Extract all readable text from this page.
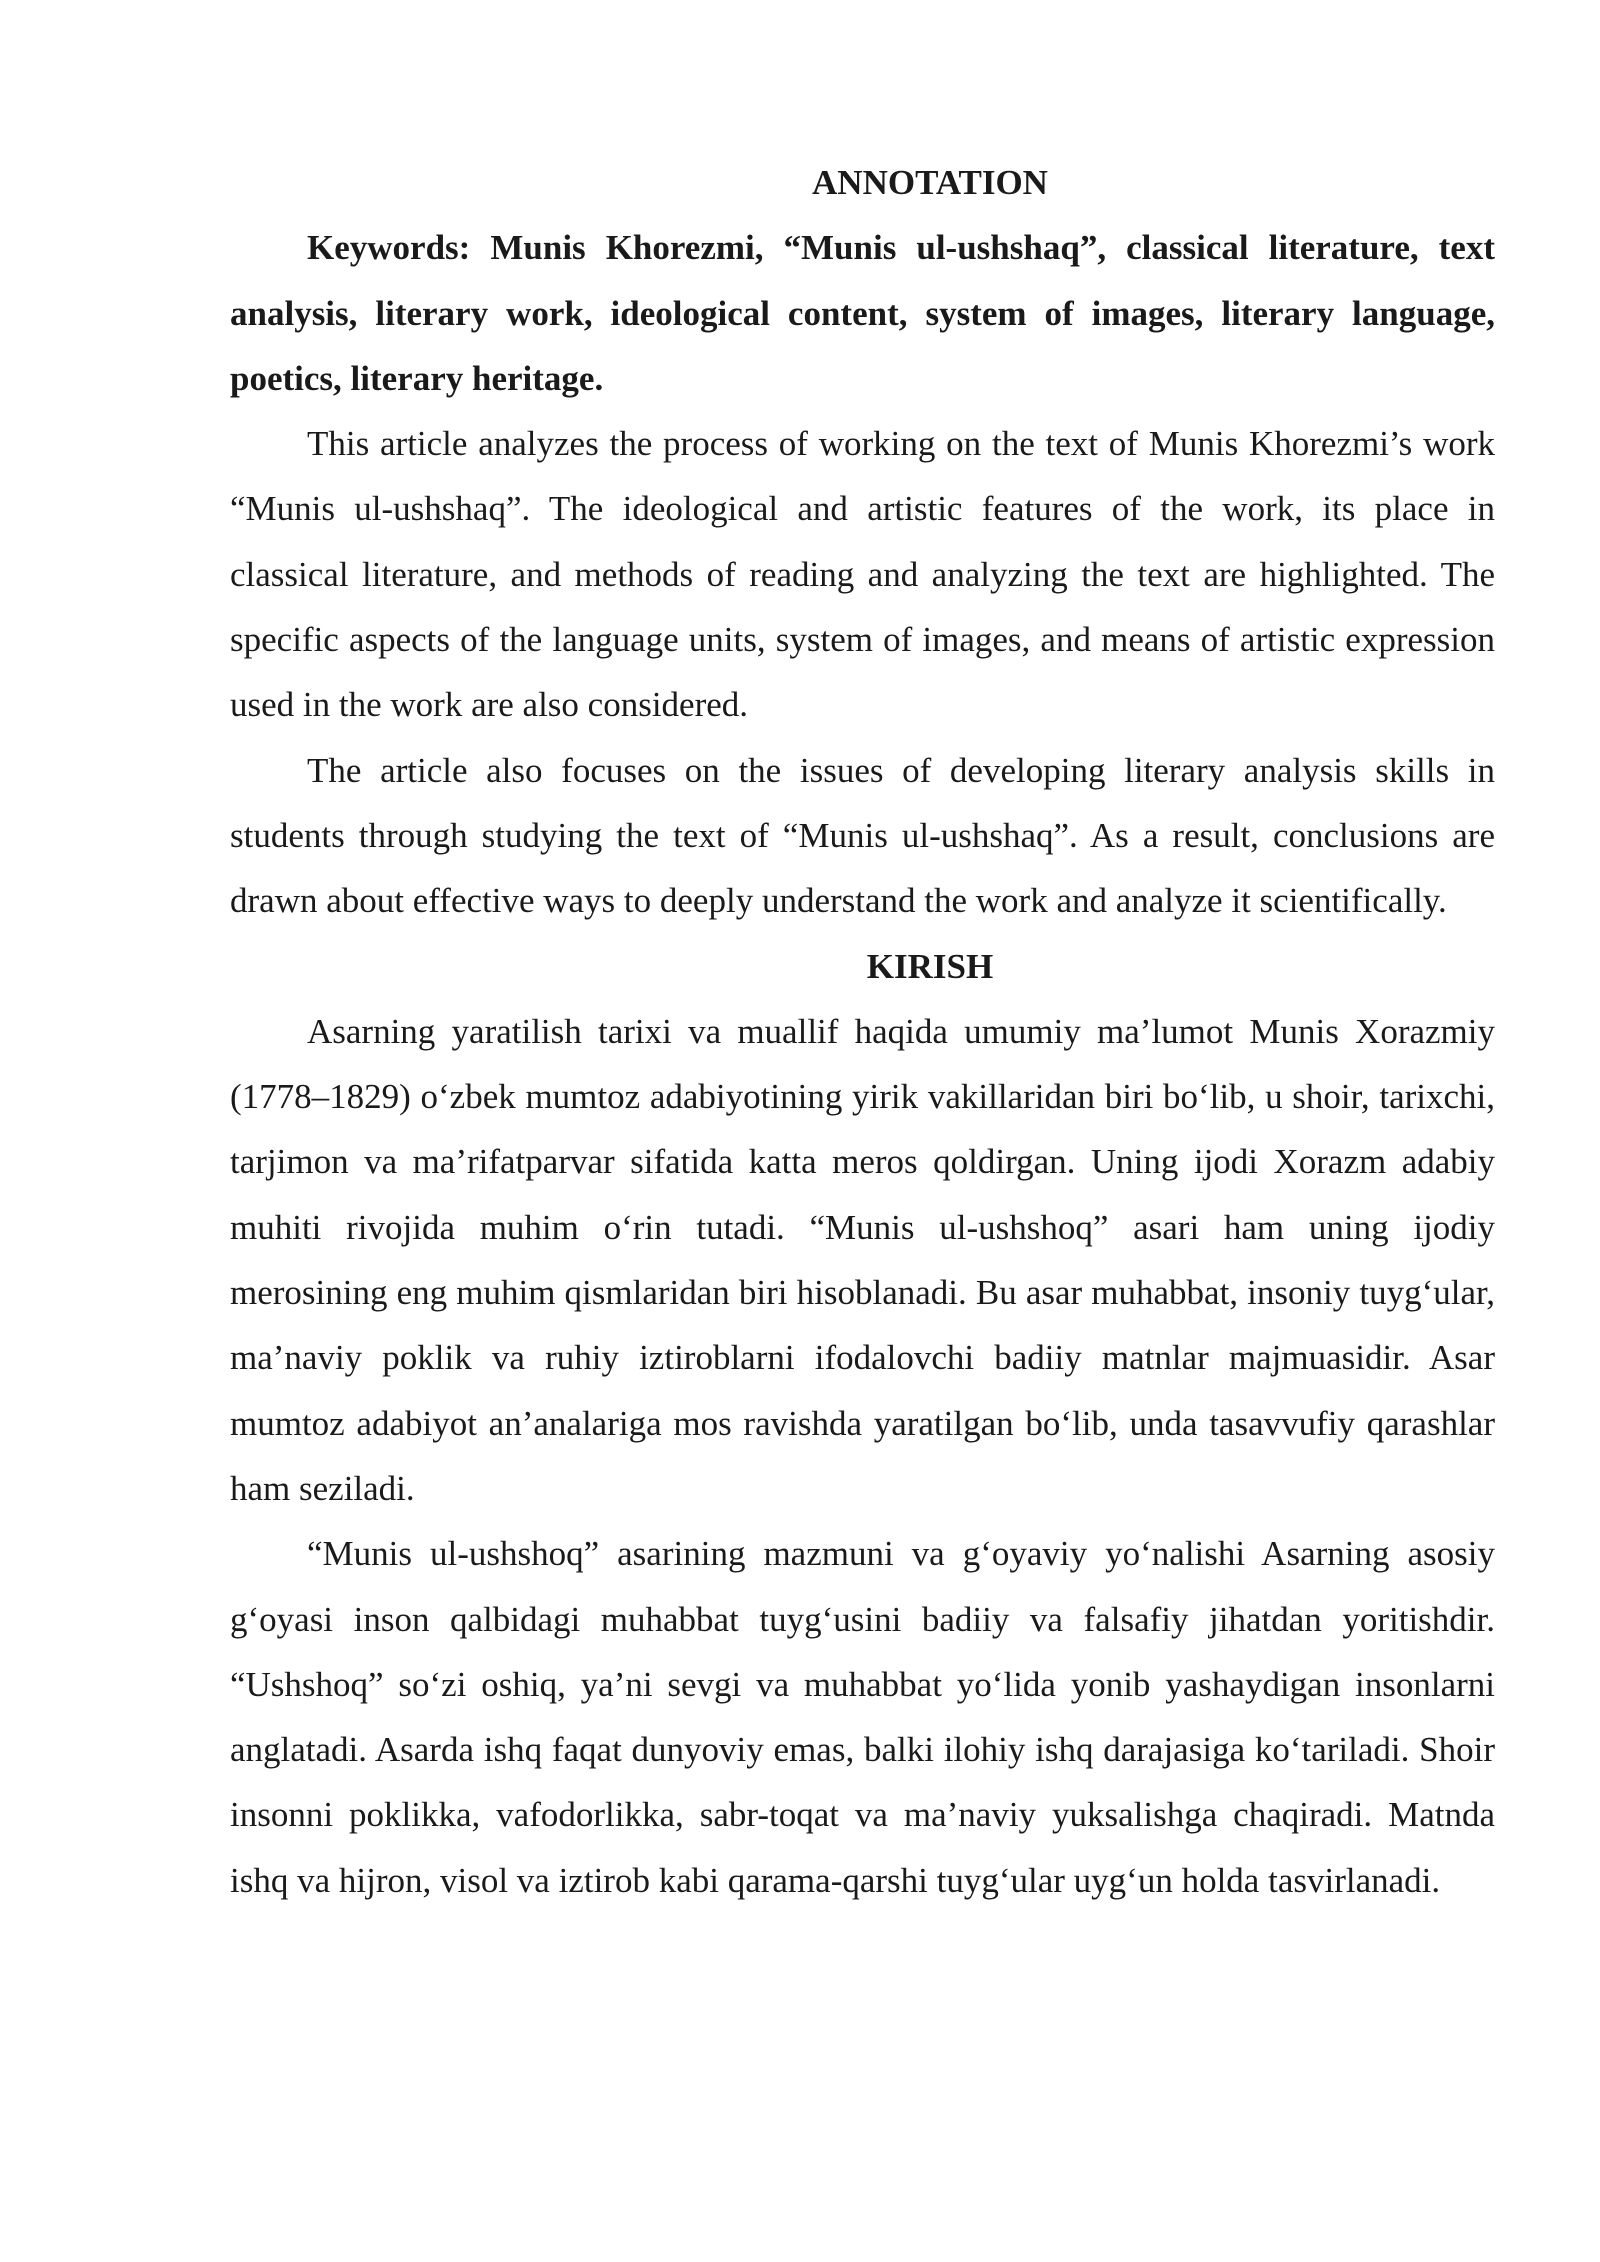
ANNOTATION

Keywords: Munis Khorezmi, “Munis ul-ushshaq”, classical literature, text analysis, literary work, ideological content, system of images, literary language, poetics, literary heritage.

This article analyzes the process of working on the text of Munis Khorezmi’s work “Munis ul-ushshaq”. The ideological and artistic features of the work, its place in classical literature, and methods of reading and analyzing the text are highlighted. The specific aspects of the language units, system of images, and means of artistic expression used in the work are also considered.

The article also focuses on the issues of developing literary analysis skills in students through studying the text of “Munis ul-ushshaq”. As a result, conclusions are drawn about effective ways to deeply understand the work and analyze it scientifically.

KIRISH

Asarning yaratilish tarixi va muallif haqida umumiy ma’lumot Munis Xorazmiy (1778–1829) o‘zbek mumtoz adabiyotining yirik vakillaridan biri bo‘lib, u shoir, tarixchi, tarjimon va ma’rifatparvar sifatida katta meros qoldirgan. Uning ijodi Xorazm adabiy muhiti rivojida muhim o‘rin tutadi. “Munis ul-ushshoq” asari ham uning ijodiy merosining eng muhim qismlaridan biri hisoblanadi. Bu asar muhabbat, insoniy tuyg‘ular, ma’naviy poklik va ruhiy iztiroblarni ifodalovchi badiiy matnlar majmuasidir. Asar mumtoz adabiyot an’analariga mos ravishda yaratilgan bo‘lib, unda tasavvufiy qarashlar ham seziladi.

“Munis ul-ushshoq” asarining mazmuni va g‘oyaviy yo‘nalishi Asarning asosiy g‘oyasi inson qalbidagi muhabbat tuyg‘usini badiiy va falsafiy jihatdan yoritishdir. “Ushshoq” so‘zi oshiq, ya’ni sevgi va muhabbat yo‘lida yonib yashaydigan insonlarni anglatadi. Asarda ishq faqat dunyoviy emas, balki ilohiy ishq darajasiga ko‘tariladi. Shoir insonni poklikka, vafodorlikka, sabr-toqat va ma’naviy yuksalishga chaqiradi. Matnda ishq va hijron, visol va iztirob kabi qarama-qarshi tuyg‘ular uyg‘un holda tasvirlanadi.
